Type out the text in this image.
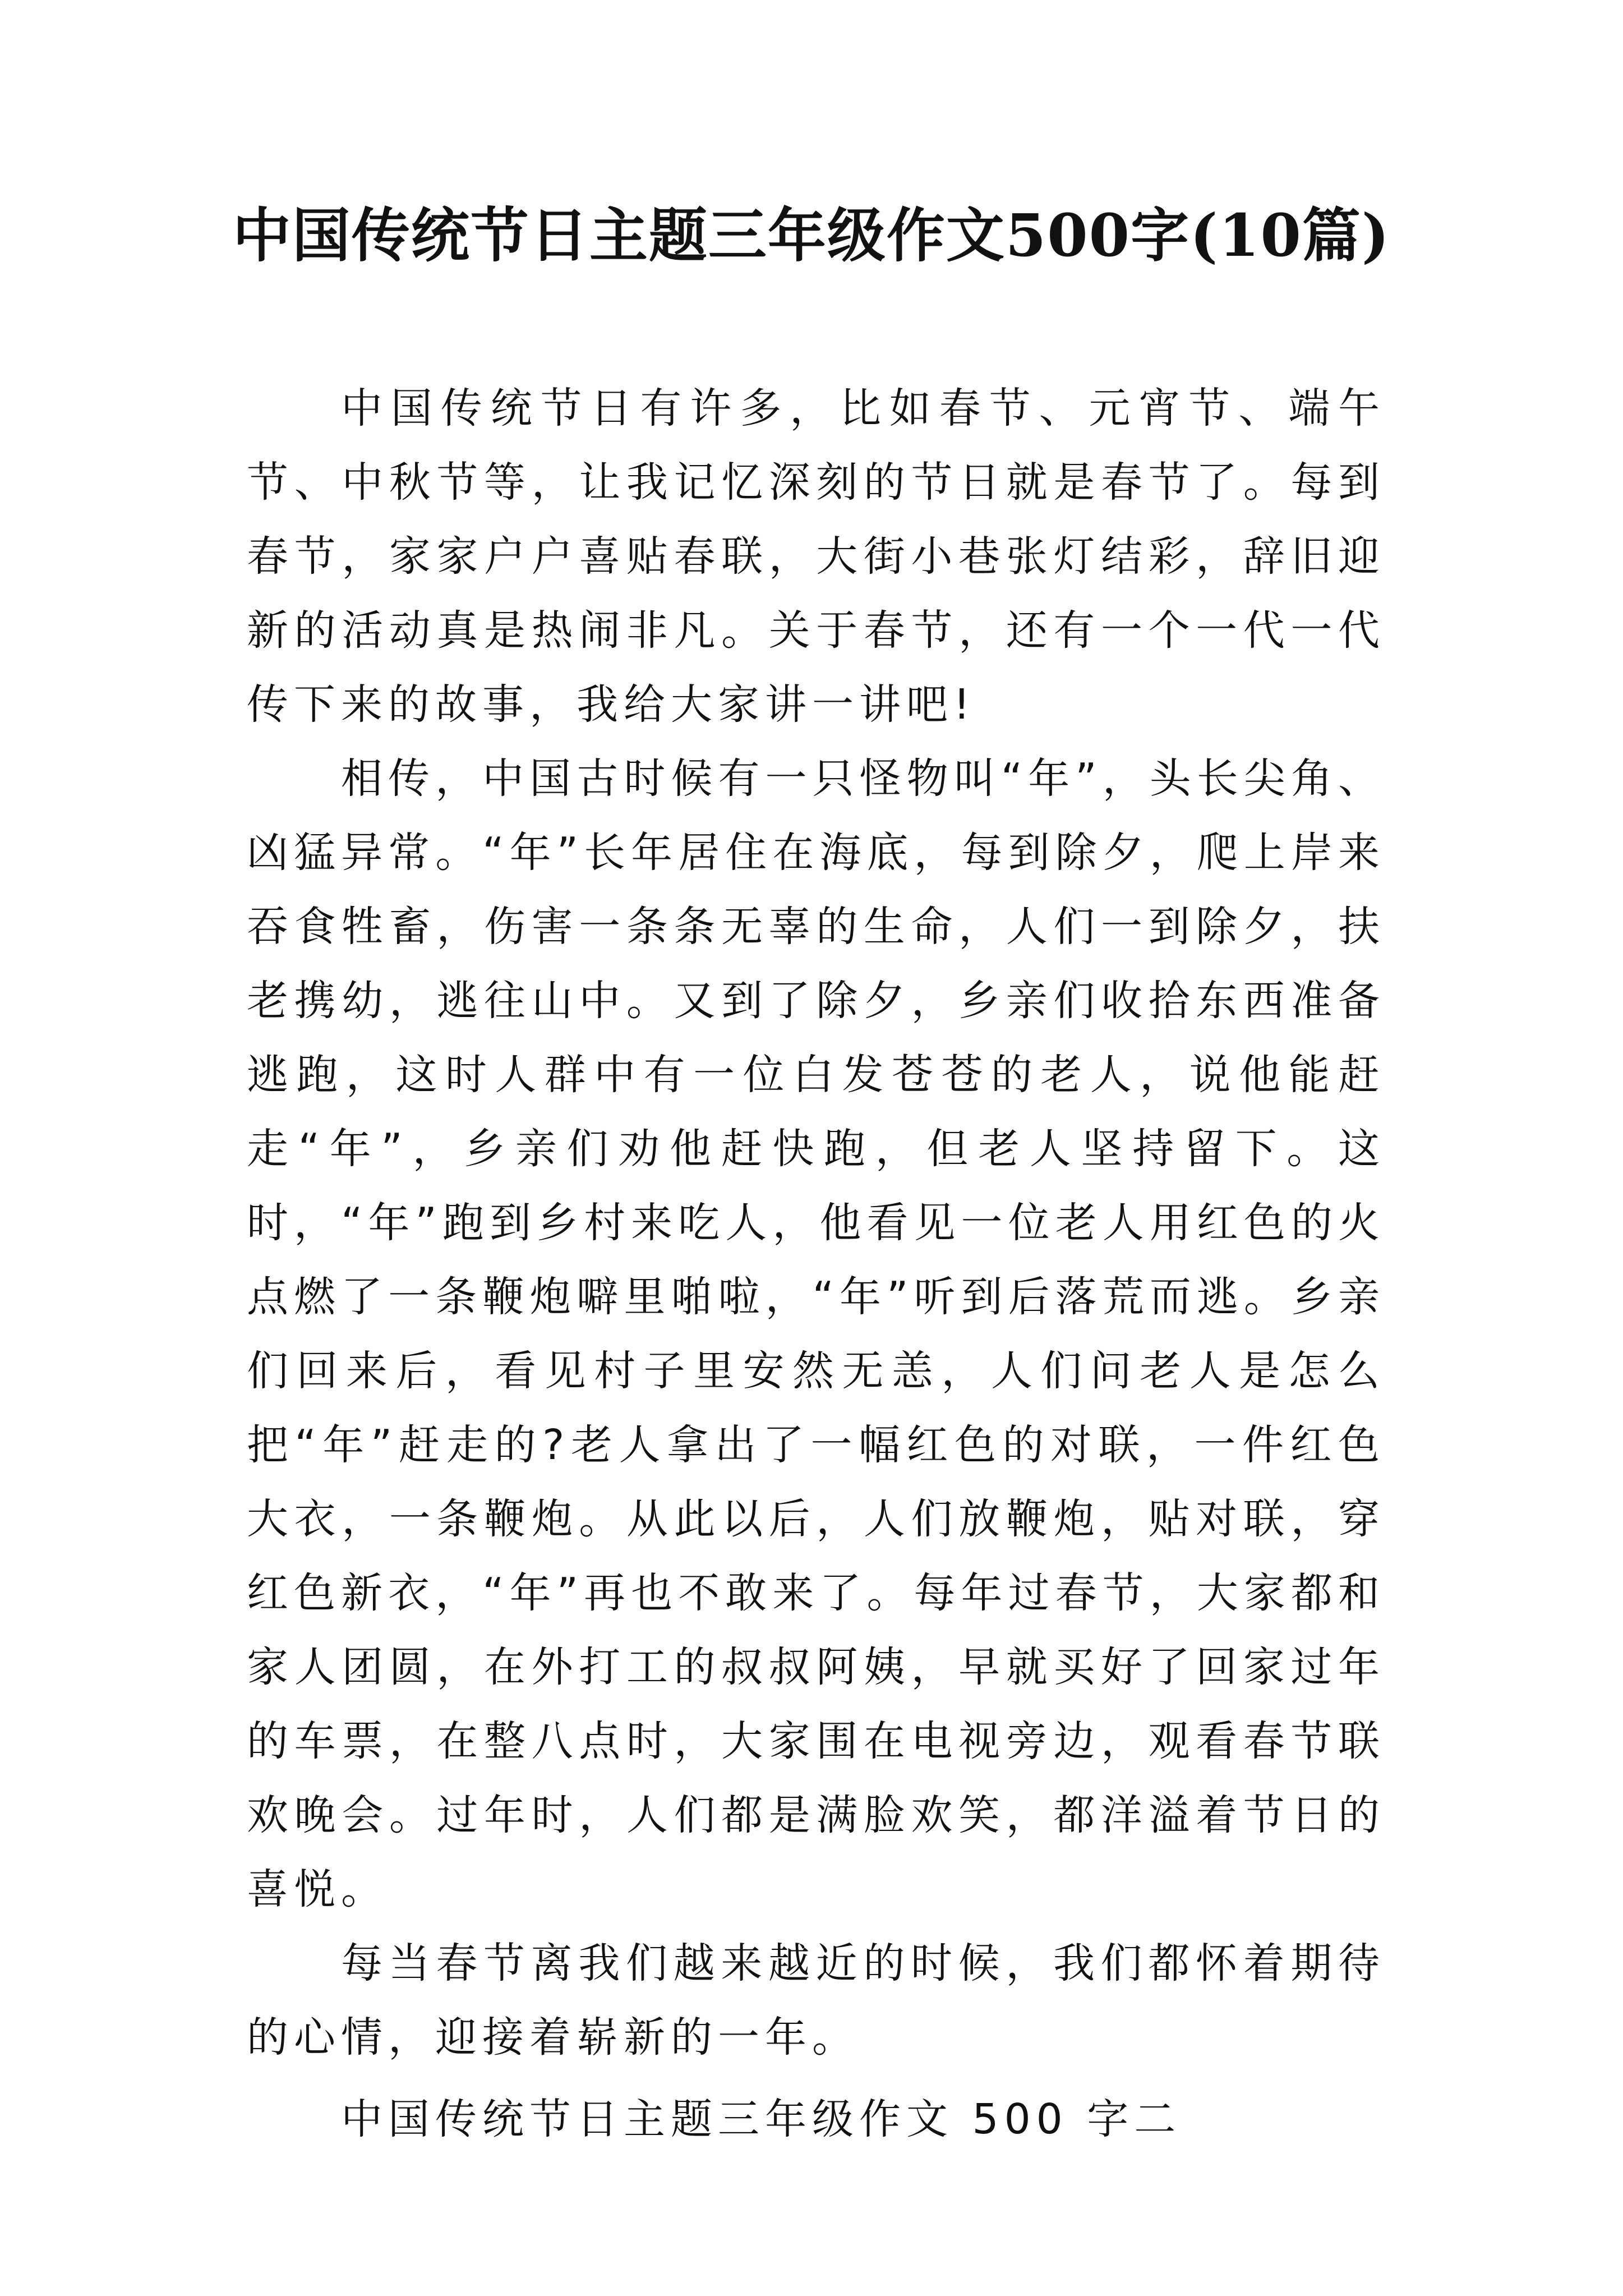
中国传统节日主题三年级作文500字(10篇)

中国传统节日有许多，比如春节、元宵节、端午节、中秋节等，让我记忆深刻的节日就是春节了。每到春节，家家户户喜贴春联，大街小巷张灯结彩，辞旧迎新的活动真是热闹非凡。关于春节，还有一个一代一代传下来的故事，我给大家讲一讲吧!

相传，中国古时候有一只怪物叫“年”，头长尖角、凶猛异常。“年”长年居住在海底，每到除夕，爬上岸来吞食牲畜，伤害一条条无辜的生命，人们一到除夕，扶老携幼，逃往山中。又到了除夕，乡亲们收拾东西准备逃跑，这时人群中有一位白发苍苍的老人，说他能赶走“年”，乡亲们劝他赶快跑，但老人坚持留下。这时，“年”跑到乡村来吃人，他看见一位老人用红色的火点燃了一条鞭炮噼里啪啦，“年”听到后落荒而逃。乡亲们回来后，看见村子里安然无恙，人们问老人是怎么把“年”赶走的?老人拿出了一幅红色的对联，一件红色大衣，一条鞭炮。从此以后，人们放鞭炮，贴对联，穿红色新衣，“年”再也不敢来了。每年过春节，大家都和家人团圆，在外打工的叔叔阿姨，早就买好了回家过年的车票，在整八点时，大家围在电视旁边，观看春节联欢晚会。过年时，人们都是满脸欢笑，都洋溢着节日的喜悦。

每当春节离我们越来越近的时候，我们都怀着期待的心情，迎接着崭新的一年。

中国传统节日主题三年级作文 500 字二
